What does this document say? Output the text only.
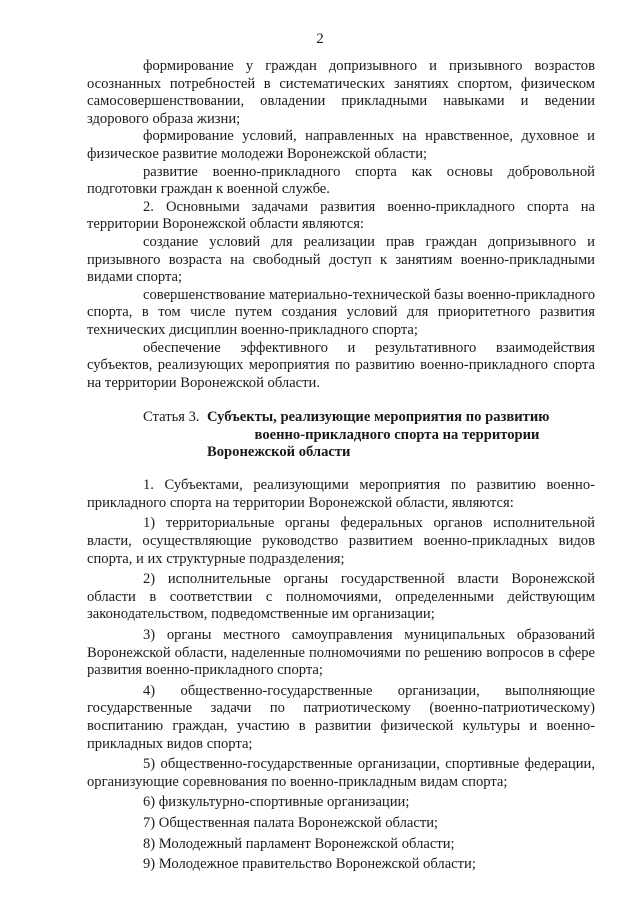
2

формирование у граждан допризывного и призывного возрастов осознанных потребностей в систематических занятиях спортом, физическом самосовершенствовании, овладении прикладными навыками и ведении здорового образа жизни;

формирование условий, направленных на нравственное, духовное и физическое развитие молодежи Воронежской области;

развитие военно-прикладного спорта как основы добровольной подготовки граждан к военной службе.

2. Основными задачами развития военно-прикладного спорта на территории Воронежской области являются:

создание условий для реализации прав граждан допризывного и призывного возраста на свободный доступ к занятиям военно-прикладными видами спорта;

совершенствование материально-технической базы военно-прикладного спорта, в том числе путем создания условий для приоритетного развития технических дисциплин военно-прикладного спорта;

обеспечение эффективного и результативного взаимодействия субъектов, реализующих мероприятия по развитию военно-прикладного спорта на территории Воронежской области.

Статья 3. Субъекты, реализующие мероприятия по развитию
военно-прикладного спорта на территории
Воронежской области

1. Субъектами, реализующими мероприятия по развитию военно-прикладного спорта на территории Воронежской области, являются:

1) территориальные органы федеральных органов исполнительной власти, осуществляющие руководство развитием военно-прикладных видов спорта, и их структурные подразделения;

2) исполнительные органы государственной власти Воронежской области в соответствии с полномочиями, определенными действующим законодательством, подведомственные им организации;

3) органы местного самоуправления муниципальных образований Воронежской области, наделенные полномочиями по решению вопросов в сфере развития военно-прикладного спорта;

4) общественно-государственные организации, выполняющие государственные задачи по патриотическому (военно-патриотическому) воспитанию граждан, участию в развитии физической культуры и военно-прикладных видов спорта;

5) общественно-государственные организации, спортивные федерации, организующие соревнования по военно-прикладным видам спорта;

6) физкультурно-спортивные организации;

7) Общественная палата Воронежской области;

8) Молодежный парламент Воронежской области;

9) Молодежное правительство Воронежской области;
